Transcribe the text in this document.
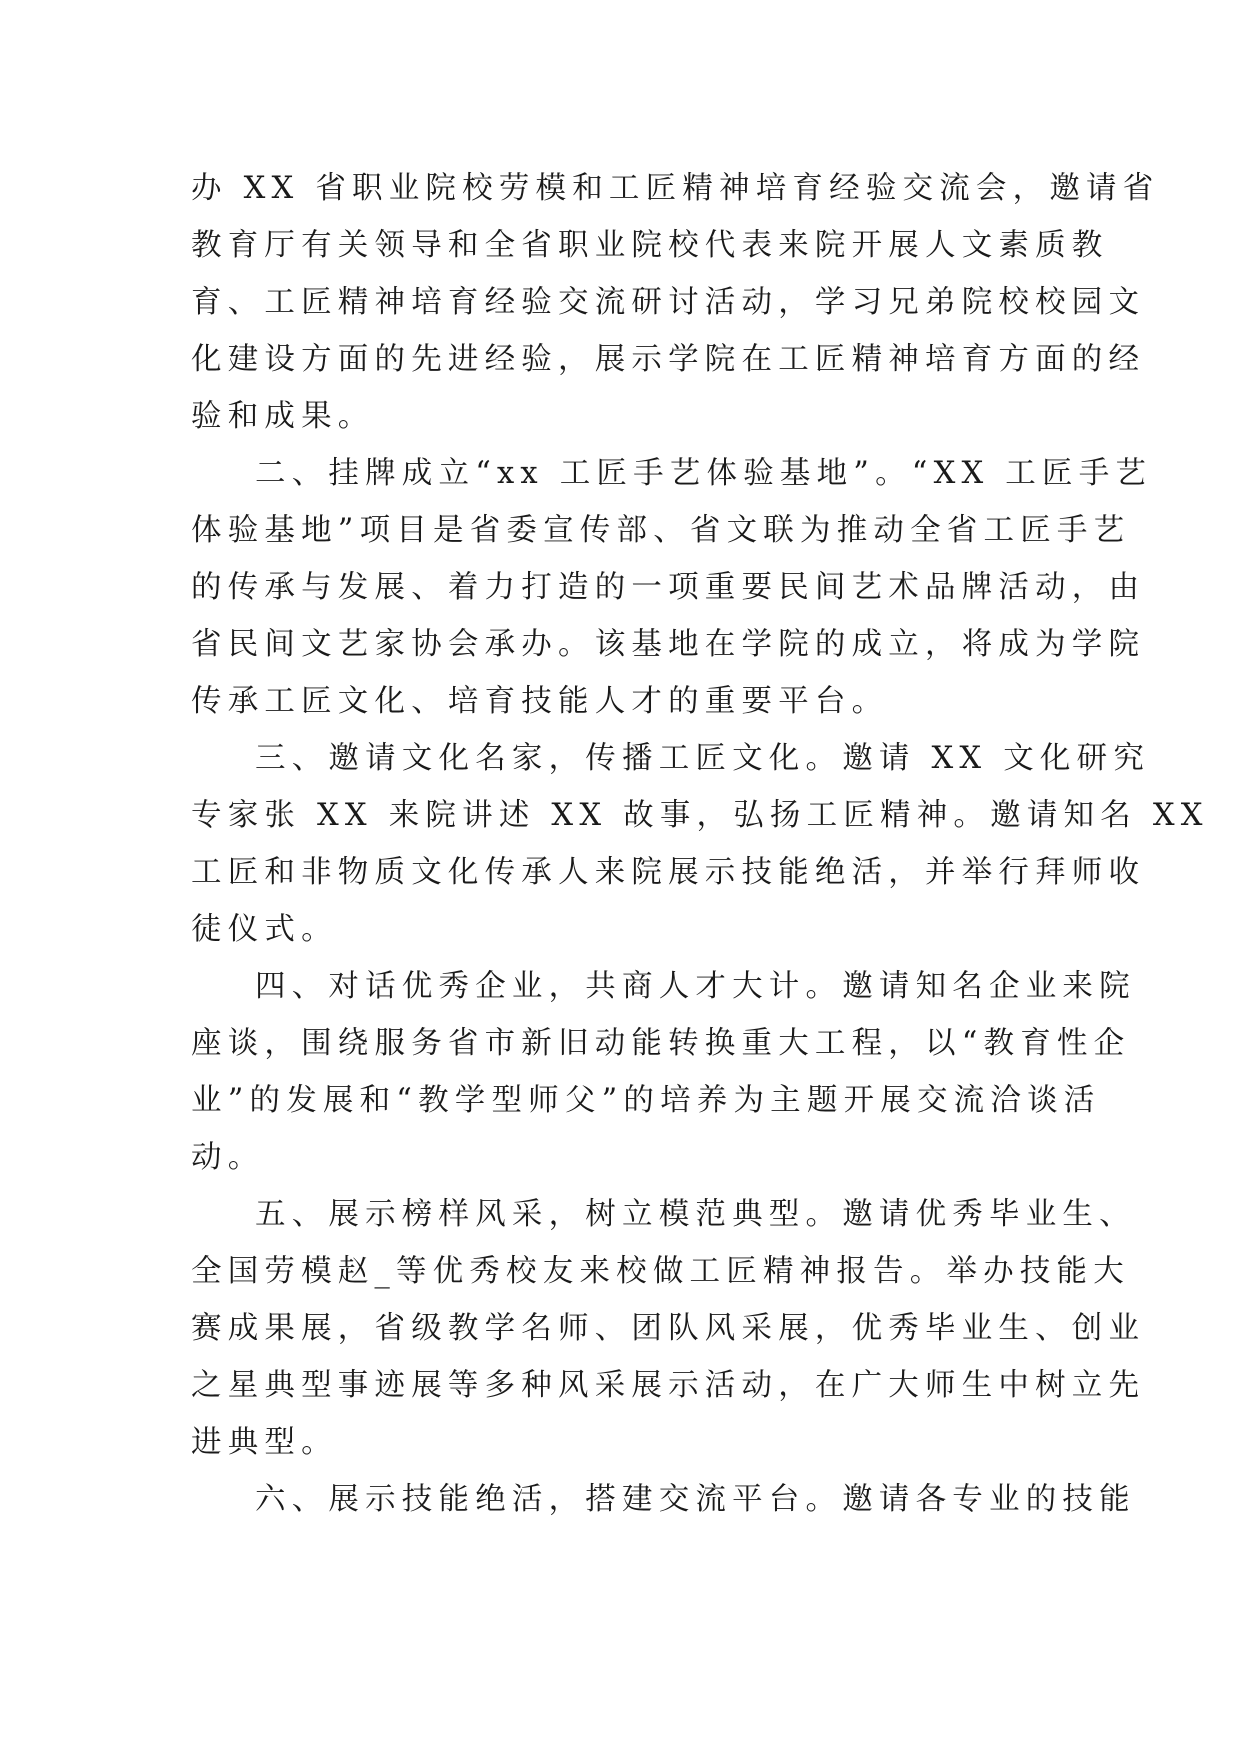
办 XX 省职业院校劳模和工匠精神培育经验交流会，邀请省
教育厅有关领导和全省职业院校代表来院开展人文素质教
育、工匠精神培育经验交流研讨活动，学习兄弟院校校园文
化建设方面的先进经验，展示学院在工匠精神培育方面的经
验和成果。
二、挂牌成立“xx 工匠手艺体验基地”。“XX 工匠手艺
体验基地”项目是省委宣传部、省文联为推动全省工匠手艺
的传承与发展、着力打造的一项重要民间艺术品牌活动，由
省民间文艺家协会承办。该基地在学院的成立，将成为学院
传承工匠文化、培育技能人才的重要平台。
三、邀请文化名家，传播工匠文化。邀请 XX 文化研究
专家张 XX 来院讲述 XX 故事，弘扬工匠精神。邀请知名 XX
工匠和非物质文化传承人来院展示技能绝活，并举行拜师收
徒仪式。
四、对话优秀企业，共商人才大计。邀请知名企业来院
座谈，围绕服务省市新旧动能转换重大工程，以“教育性企
业”的发展和“教学型师父”的培养为主题开展交流洽谈活
动。
五、展示榜样风采，树立模范典型。邀请优秀毕业生、
全国劳模赵_等优秀校友来校做工匠精神报告。举办技能大
赛成果展，省级教学名师、团队风采展，优秀毕业生、创业
之星典型事迹展等多种风采展示活动，在广大师生中树立先
进典型。
六、展示技能绝活，搭建交流平台。邀请各专业的技能
